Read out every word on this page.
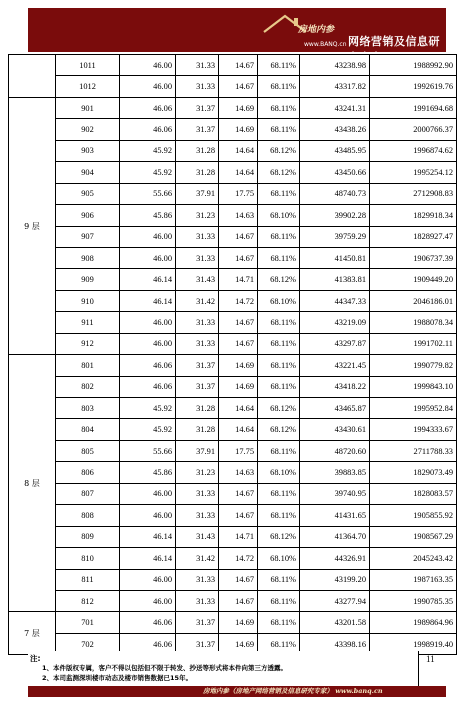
房地内参
www.BANQ.cn 网络营销及信息研究专家
	1011	46.00	31.33	14.67	68.11%	43238.98	1988992.90
	1012	46.00	31.33	14.67	68.11%	43317.82	1992619.76
9 层	901	46.06	31.37	14.69	68.11%	43241.31	1991694.68
	902	46.06	31.37	14.69	68.11%	43438.26	2000766.37
	903	45.92	31.28	14.64	68.12%	43485.95	1996874.62
	904	45.92	31.28	14.64	68.12%	43450.66	1995254.12
	905	55.66	37.91	17.75	68.11%	48740.73	2712908.83
	906	45.86	31.23	14.63	68.10%	39902.28	1829918.34
	907	46.00	31.33	14.67	68.11%	39759.29	1828927.47
	908	46.00	31.33	14.67	68.11%	41450.81	1906737.39
	909	46.14	31.43	14.71	68.12%	41383.81	1909449.20
	910	46.14	31.42	14.72	68.10%	44347.33	2046186.01
	911	46.00	31.33	14.67	68.11%	43219.09	1988078.34
	912	46.00	31.33	14.67	68.11%	43297.87	1991702.11
8 层	801	46.06	31.37	14.69	68.11%	43221.45	1990779.82
	802	46.06	31.37	14.69	68.11%	43418.22	1999843.10
	803	45.92	31.28	14.64	68.12%	43465.87	1995952.84
	804	45.92	31.28	14.64	68.12%	43430.61	1994333.67
	805	55.66	37.91	17.75	68.11%	48720.60	2711788.33
	806	45.86	31.23	14.63	68.10%	39883.85	1829073.49
	807	46.00	31.33	14.67	68.11%	39740.95	1828083.57
	808	46.00	31.33	14.67	68.11%	41431.65	1905855.92
	809	46.14	31.43	14.71	68.12%	41364.70	1908567.29
	810	46.14	31.42	14.72	68.10%	44326.91	2045243.42
	811	46.00	31.33	14.67	68.11%	43199.20	1987163.35
	812	46.00	31.33	14.67	68.11%	43277.94	1990785.35
7 层	701	46.06	31.37	14.69	68.11%	43201.58	1989864.96
	702	46.06	31.37	14.69	68.11%	43398.16	1998919.40
注:
1、本件版权专属，客户不得以包括但不限于转发、抄送等形式将本件向第三方透露。
2、本司监测深圳楼市动态及楼市销售数据已15年。
11
房地内参（房地产网络营销及信息研究专家） www.banq.cn
